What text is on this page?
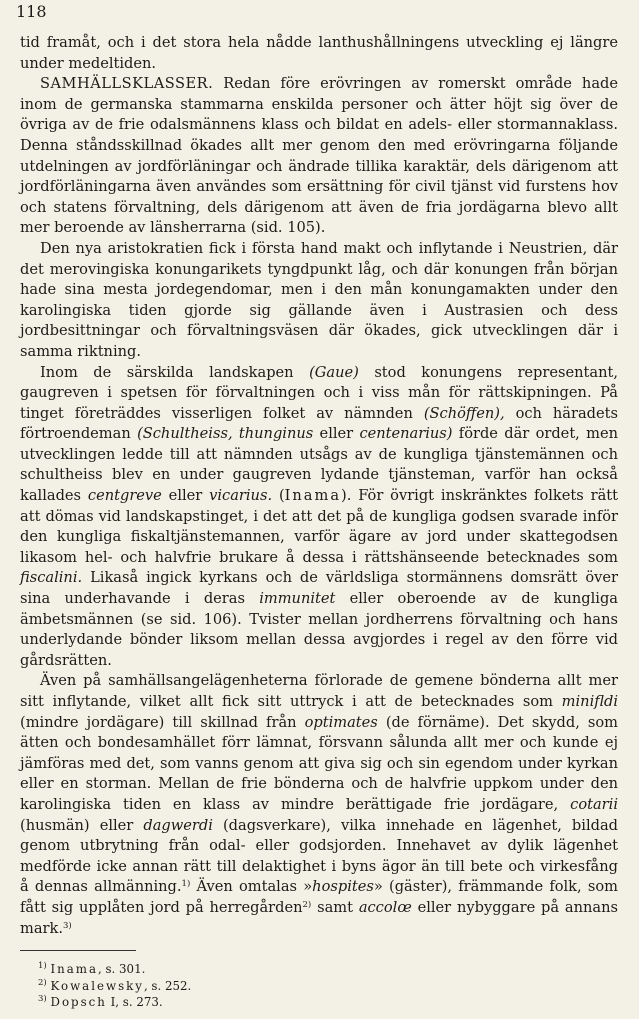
118

tid framåt, och i det stora hela nådde lanthushållningens utveckling ej längre under medeltiden.

SAMHÄLLSKLASSER. Redan före erövringen av romerskt område hade inom de germanska stammarna enskilda personer och ätter höjt sig över de övriga av de frie odalsmännens klass och bildat en adels- eller stormannaklass. Denna ståndsskillnad ökades allt mer genom den med erövringarna följande utdelningen av jordförläningar och ändrade tillika karaktär, dels därigenom att jordförläningarna även användes som ersättning för civil tjänst vid furstens hov och statens förvaltning, dels därigenom att även de fria jordägarna blevo allt mer beroende av länsherrarna (sid. 105).

Den nya aristokratien fick i första hand makt och inflytande i Neustrien, där det merovingiska konungarikets tyngdpunkt låg, och där konungen från början hade sina mesta jordegendomar, men i den mån konungamakten under den karolingiska tiden gjorde sig gällande även i Austrasien och dess jordbesittningar och förvaltningsväsen där ökades, gick utvecklingen där i samma riktning.

Inom de särskilda landskapen (Gaue) stod konungens representant, gaugreven i spetsen för förvaltningen och i viss mån för rättskipningen. På tinget företräddes visserligen folket av nämnden (Schöffen), och häradets förtroendeman (Schultheiss, thunginus eller centenarius) förde där ordet, men utvecklingen ledde till att nämnden utsågs av de kungliga tjänstemännen och schultheiss blev en under gaugreven lydande tjänsteman, varför han också kallades centgreve eller vicarius. (Inama). För övrigt inskränktes folkets rätt att dömas vid landskapstinget, i det att det på de kungliga godsen svarade inför den kungliga fiskaltjänstemannen, varför ägare av jord under skattegodsen likasom hel- och halvfrie brukare å dessa i rättshänseende betecknades som fiscalini. Likaså ingick kyrkans och de världsliga stormännens domsrätt över sina underhavande i deras immunitet eller oberoende av de kungliga ämbetsmännen (se sid. 106). Tvister mellan jordherrens förvaltning och hans underlydande bönder liksom mellan dessa avgjordes i regel av den förre vid gårdsrätten.

Även på samhällsangelägenheterna förlorade de gemene bönderna allt mer sitt inflytande, vilket allt fick sitt uttryck i att de betecknades som minifldi (mindre jordägare) till skillnad från optimates (de förnäme). Det skydd, som ätten och bondesamhället förr lämnat, försvann sålunda allt mer och kunde ej jämföras med det, som vanns genom att giva sig och sin egendom under kyrkan eller en storman. Mellan de frie bönderna och de halvfrie uppkom under den karolingiska tiden en klass av mindre berättigade frie jordägare, cotarii (husmän) eller dagwerdi (dagsverkare), vilka innehade en lägenhet, bildad genom utbrytning från odal- eller godsjorden. Innehavet av dylik lägenhet medförde icke annan rätt till delaktighet i byns ägor än till bete och virkesfång å dennas allmänning.$^{1)}$ Även omtalas »hospites» (gäster), främmande folk, som fått sig upplåten jord på herregården$^{2)}$ samt accolœ eller nybyggare på annans mark.$^{3)}$

$^{1)}$ Inama, s. 301.
$^{2)}$ Kowalewsky, s. 252.
$^{3)}$ Dopsch I, s. 273.
